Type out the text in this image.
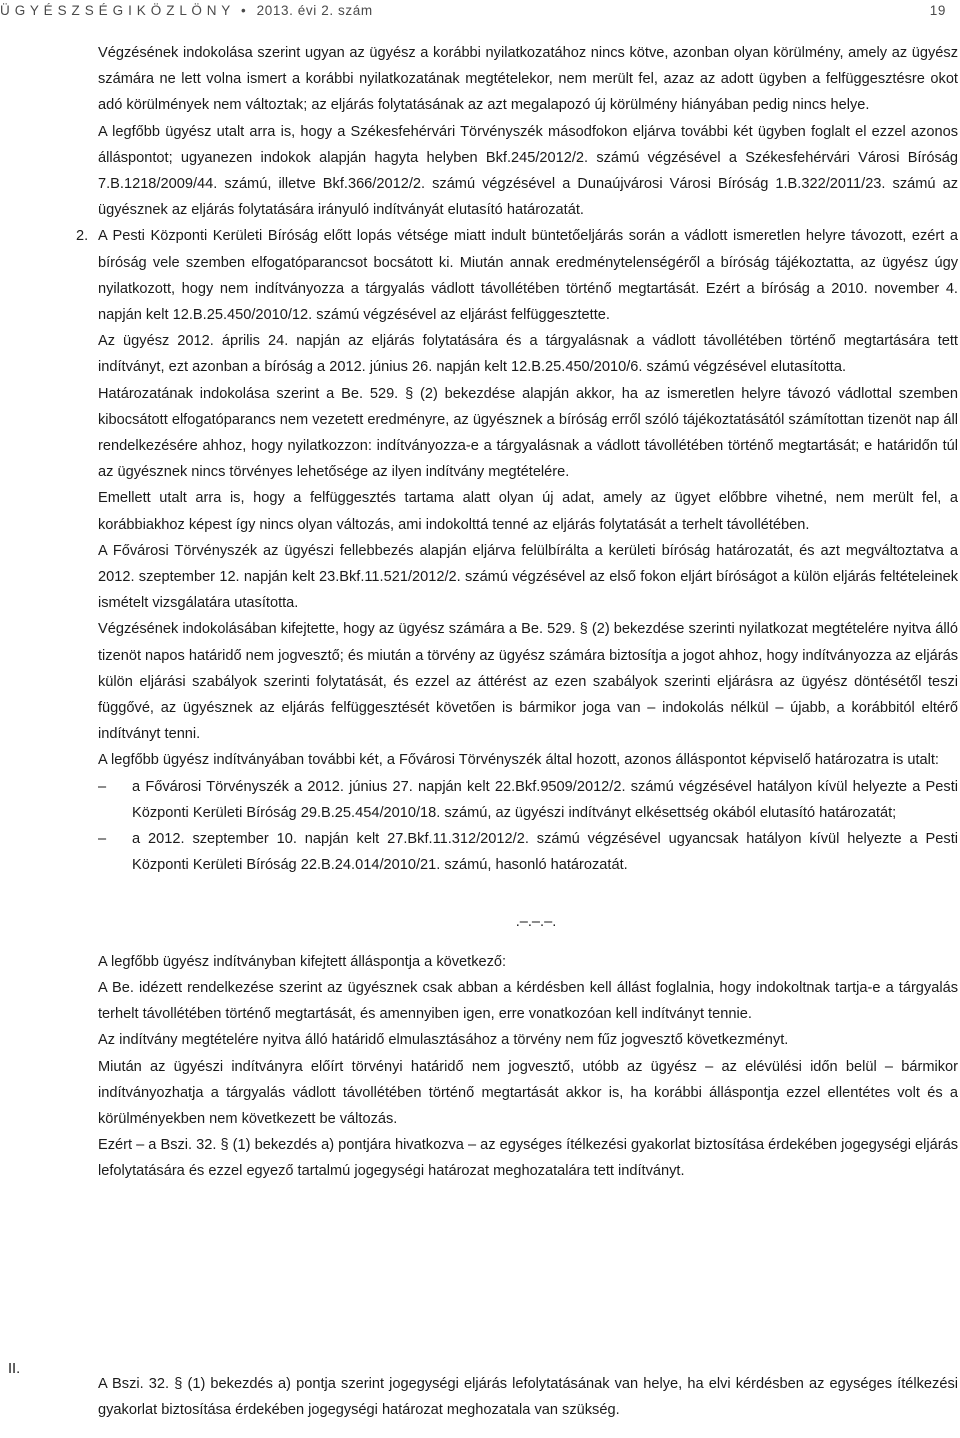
Ü G Y É S Z S É G I K Ö Z L Ö N Y • 2013. évi 2. szám	19

Végzésének indokolása szerint ugyan az ügyész a korábbi nyilatkozatához nincs kötve, azonban olyan körülmény, amely az ügyész számára ne lett volna ismert a korábbi nyilatkozatának megtételekor, nem merült fel, azaz az adott ügyben a felfüggesztésre okot adó körülmények nem változtak; az eljárás folytatásának az azt megalapozó új körülmény hiányában pedig nincs helye.

A legfőbb ügyész utalt arra is, hogy a Székesfehérvári Törvényszék másodfokon eljárva további két ügyben foglalt el ezzel azonos álláspontot; ugyanezen indokok alapján hagyta helyben Bkf.245/2012/2. számú végzésével a Székesfehérvári Városi Bíróság 7.B.1218/2009/44. számú, illetve Bkf.366/2012/2. számú végzésével a Dunaújvárosi Városi Bíróság 1.B.322/2011/23. számú az ügyésznek az eljárás folytatására irányuló indítványát elutasító határozatát.

2. A Pesti Központi Kerületi Bíróság előtt lopás vétsége miatt indult büntetőeljárás során a vádlott ismeretlen helyre távozott, ezért a bíróság vele szemben elfogatóparancsot bocsátott ki. Miután annak eredménytelenségéről a bíróság tájékoztatta, az ügyész úgy nyilatkozott, hogy nem indítványozza a tárgyalás vádlott távollétében történő megtartását. Ezért a bíróság a 2010. november 4. napján kelt 12.B.25.450/2010/12. számú végzésével az eljárást felfüggesztette.

Az ügyész 2012. április 24. napján az eljárás folytatására és a tárgyalásnak a vádlott távollétében történő megtartására tett indítványt, ezt azonban a bíróság a 2012. június 26. napján kelt 12.B.25.450/2010/6. számú végzésével elutasította.

Határozatának indokolása szerint a Be. 529. § (2) bekezdése alapján akkor, ha az ismeretlen helyre távozó vádlottal szemben kibocsátott elfogatóparancs nem vezetett eredményre, az ügyésznek a bíróság erről szóló tájékoztatásától számítottan tizenöt nap áll rendelkezésére ahhoz, hogy nyilatkozzon: indítványozza-e a tárgyalásnak a vádlott távollétében történő megtartását; e határidőn túl az ügyésznek nincs törvényes lehetősége az ilyen indítvány megtételére.

Emellett utalt arra is, hogy a felfüggesztés tartama alatt olyan új adat, amely az ügyet előbbre vihetné, nem merült fel, a korábbiakhoz képest így nincs olyan változás, ami indokolttá tenné az eljárás folytatását a terhelt távollétében.

A Fővárosi Törvényszék az ügyészi fellebbezés alapján eljárva felülbírálta a kerületi bíróság határozatát, és azt megváltoztatva a 2012. szeptember 12. napján kelt 23.Bkf.11.521/2012/2. számú végzésével az első fokon eljárt bíróságot a külön eljárás feltételeinek ismételt vizsgálatára utasította.

Végzésének indokolásában kifejtette, hogy az ügyész számára a Be. 529. § (2) bekezdése szerinti nyilatkozat megtételére nyitva álló tizenöt napos határidő nem jogvesztő; és miután a törvény az ügyész számára biztosítja a jogot ahhoz, hogy indítványozza az eljárás külön eljárási szabályok szerinti folytatását, és ezzel az áttérést az ezen szabályok szerinti eljárásra az ügyész döntésétől teszi függővé, az ügyésznek az eljárás felfüggesztését követően is bármikor joga van – indokolás nélkül – újabb, a korábbitól eltérő indítványt tenni.

A legfőbb ügyész indítványában további két, a Fővárosi Törvényszék által hozott, azonos álláspontot képviselő határozatra is utalt:

– a Fővárosi Törvényszék a 2012. június 27. napján kelt 22.Bkf.9509/2012/2. számú végzésével hatályon kívül helyezte a Pesti Központi Kerületi Bíróság 29.B.25.454/2010/18. számú, az ügyészi indítványt elkésettség okából elutasító határozatát;
– a 2012. szeptember 10. napján kelt 27.Bkf.11.312/2012/2. számú végzésével ugyancsak hatályon kívül helyezte a Pesti Központi Kerületi Bíróság 22.B.24.014/2010/21. számú, hasonló határozatát.
.–.–.–.

A legfőbb ügyész indítványban kifejtett álláspontja a következő:

A Be. idézett rendelkezése szerint az ügyésznek csak abban a kérdésben kell állást foglalnia, hogy indokoltnak tartja-e a tárgyalás terhelt távollétében történő megtartását, és amennyiben igen, erre vonatkozóan kell indítványt tennie.

Az indítvány megtételére nyitva álló határidő elmulasztásához a törvény nem fűz jogvesztő következményt.

Miután az ügyészi indítványra előírt törvényi határidő nem jogvesztő, utóbb az ügyész – az elévülési időn belül – bármikor indítványozhatja a tárgyalás vádlott távollétében történő megtartását akkor is, ha korábbi álláspontja ezzel ellentétes volt és a körülményekben nem következett be változás.

Ezért – a Bszi. 32. § (1) bekezdés a) pontjára hivatkozva – az egységes ítélkezési gyakorlat biztosítása érdekében jogegységi eljárás lefolytatására és ezzel egyező tartalmú jogegységi határozat meghozatalára tett indítványt.

II.

A Bszi. 32. § (1) bekezdés a) pontja szerint jogegységi eljárás lefolytatásának van helye, ha elvi kérdésben az egységes ítélkezési gyakorlat biztosítása érdekében jogegységi határozat meghozatala van szükség.
